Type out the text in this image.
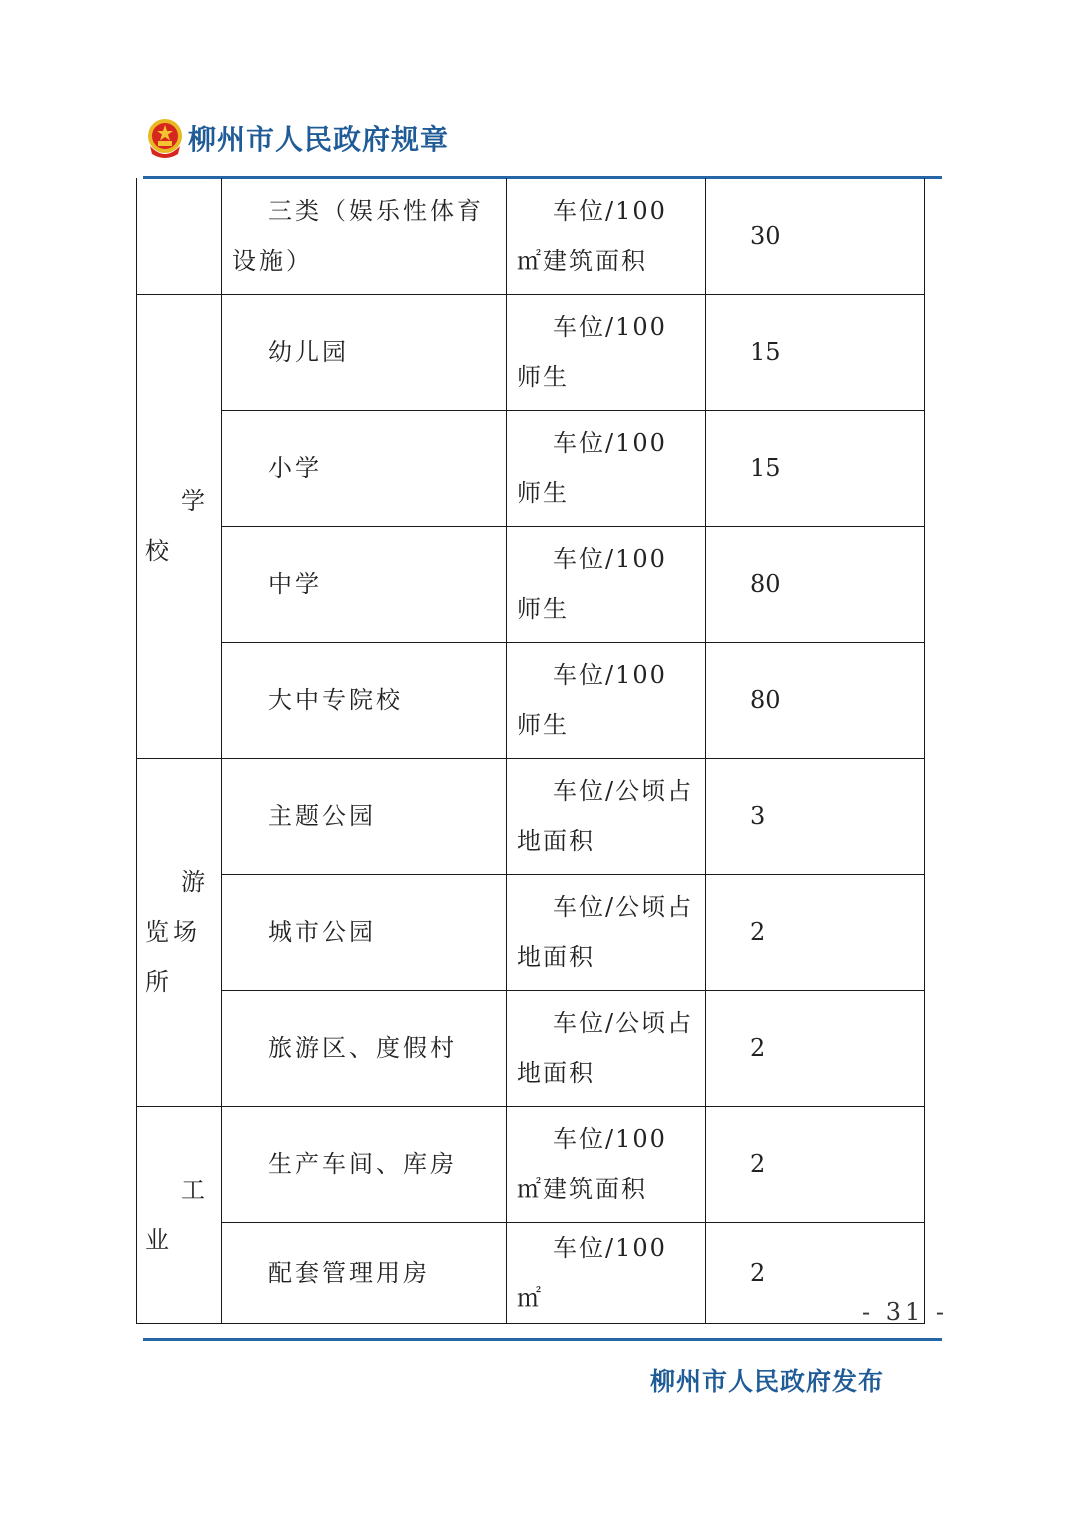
柳州市人民政府规章
	三类（娱乐性体育设施）	车位/100 ㎡建筑面积	30
学校	幼儿园	车位/100 师生	15
	小学	车位/100 师生	15
	中学	车位/100 师生	80
	大中专院校	车位/100 师生	80
游览场所	主题公园	车位/公顷占地面积	3
	城市公园	车位/公顷占地面积	2
	旅游区、度假村	车位/公顷占地面积	2
工业	生产车间、库房	车位/100 ㎡建筑面积	2
	配套管理用房	车位/100 ㎡	2
- 31 -
柳州市人民政府发布
